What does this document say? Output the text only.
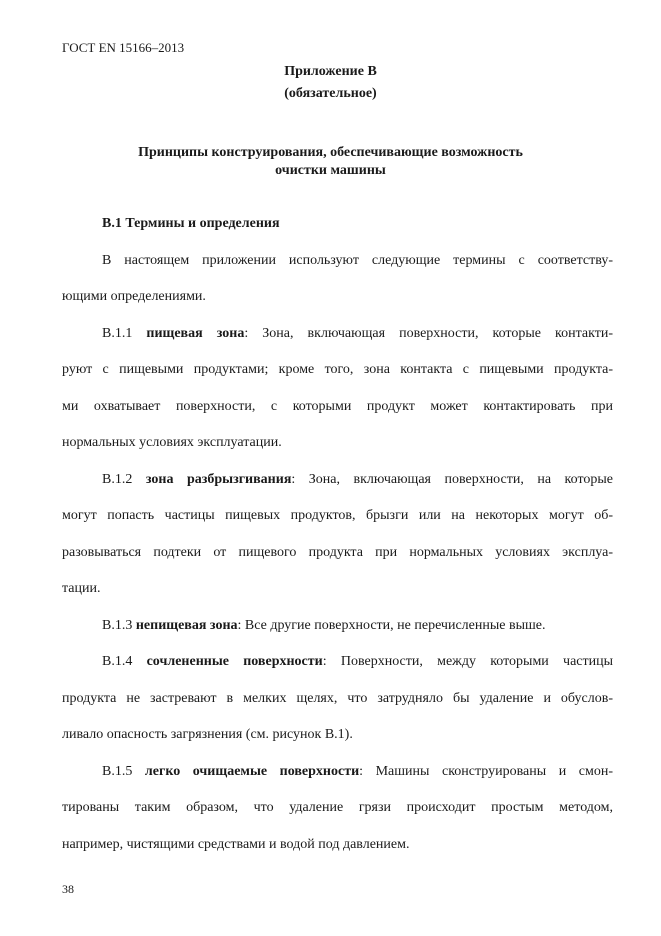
ГОСТ EN 15166–2013
Приложение В
(обязательное)
Принципы конструирования, обеспечивающие возможность
очистки машины
В.1 Термины и определения
В настоящем приложении используют следующие термины с соответству-
ющими определениями.
В.1.1 пищевая зона: Зона, включающая поверхности, которые контакти-
руют с пищевыми продуктами; кроме того, зона контакта с пищевыми продукта-
ми охватывает поверхности, с которыми продукт может контактировать при
нормальных условиях эксплуатации.
В.1.2 зона разбрызгивания: Зона, включающая поверхности, на которые
могут попасть частицы пищевых продуктов, брызги или на некоторых могут об-
разовываться подтеки от пищевого продукта при нормальных условиях эксплуа-
тации.
В.1.3 непищевая зона: Все другие поверхности, не перечисленные выше.
В.1.4 сочлененные поверхности: Поверхности, между которыми частицы
продукта не застревают в мелких щелях, что затрудняло бы удаление и обуслов-
ливало опасность загрязнения (см. рисунок В.1).
В.1.5 легко очищаемые поверхности: Машины сконструированы и смон-
тированы таким образом, что удаление грязи происходит простым методом,
например, чистящими средствами и водой под давлением.
38
